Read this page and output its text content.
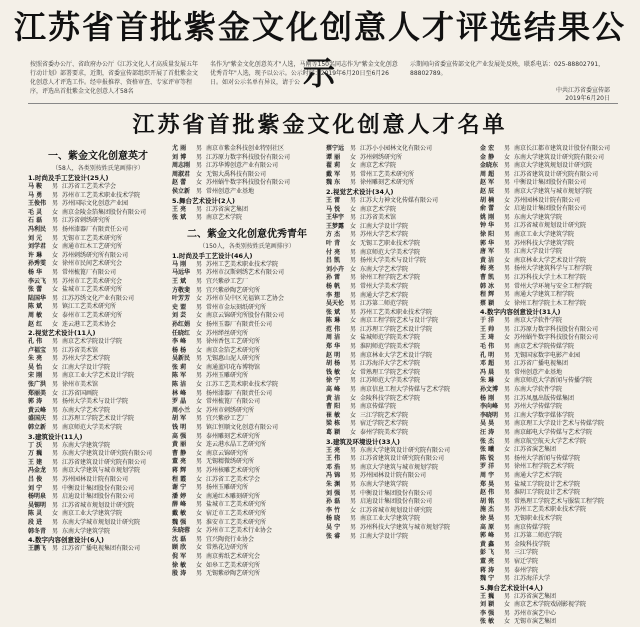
江苏省首批紫金文化创意人才评选结果公示
按照省委办公厅、省政府办公厅《江苏文化人才高质量发展五年行动计划》部署要求，近期，省委宣传部组织开展了首批紫金文化创意人才评选工作。经申报推荐、资格审查、专家评审等程序，评选出首批紫金文化创意人才58名
名作为"紫金文化创意英才"人选，马刚等150名同志作为"紫金文化创意优秀青年"人选，现予以公示。公示时间：2019年6月20日至6月26日。如对公示名单有异议，请于公
示期间向省委宣传部文化产业发展处反映，联系电话：025-88802791，88802789。
中共江苏省委宣传部
2019年6月20日
江苏省首批紫金文化创意人才名单
一、紫金文化创意英才
（58人，各类别按姓氏笔画排序）
1.时尚及手工艺设计(25人)
马 鞍	男 江苏省工艺美术学会
马 勇	男 苏州市工艺美术职业技术学院
王俊伟 男 苏州国际文化创意产业园
毛 灵	女 南京金陵金箔集团股份有限公司
石 磊	男 江苏省刺绣研究所
冯利民 男 扬州漆器厂有限责任公司
刘 元	男 无锡市工艺美术研究所
刘学君 女 南通市红木工艺研究所
许 琳	女 苏州刺绣研究所有限公司
孙秀雯 女 徐州市民间艺术研究会
杨 华	男 常州梳篦厂有限公司
李云飞 男 苏州市工艺美术研究会
张 蕾	女 盐城市工艺美术研究所
陆国华 男 江苏苏绣文化产业有限公司
陈 斌	男 镇江工艺美术研究所
周 敏	女 泰州市工艺美术研究所
赵 红	女 连云港工艺美术协会
2.视觉艺术设计(11人)
孔 伟	男 南京艺术学院设计学院
卢福宝 男 江苏省美术馆
朱 亮	男 苏州大学艺术学院
吴 怡	女 江南大学设计学院
宋 刚	男 南京工业大学艺术设计学院
张广洪 男 徐州市美术馆
郑丽美 女 江苏省国画院
郭 涛	男 扬州大学美术与设计学院
黄云峰 男 东南大学艺术学院
盛国庆 男 江苏理工学院艺术设计学院
韩立新 男 南京师范大学美术学院
3.建筑设计(11人)
丁 沃	男 东南大学建筑学院
万 巍	男 东南大学建筑设计研究院有限公司
王 建	男 江苏省建筑设计研究院有限公司
冯金龙 男 南京大学建筑与城市规划学院
吕 俊	男 苏州园林设计院有限公司
刘 宁	男 中衡设计集团股份有限公司
杨明泉 男 启迪设计集团股份有限公司
吴锡明 男 江苏省城市规划设计研究院
陈 灵	女 南京工业大学建筑学院
段 进	男 东南大学城市规划设计研究院
韩冬青 男 东南大学建筑学院
4.数字内容创意设计(6人)
王鹏飞 男 江苏省广播电视集团有限公司
尤 雨	男 南京市紫金科技创业特别社区
刘 博	男 江苏原力数字科技股份有限公司
周志刚 男 江苏华博创意产业有限公司
周淑君 女 无锡大禹科技有限公司
赵 蕾	女 苏州蜗牛数字科技股份有限公司
侯立新 男 常州创意产业基地
5.舞台艺术设计(2人)
王 亮	男 江苏省演艺集团
张 斌	男 南京艺术学院
二、紫金文化创意优秀青年
（150人，各类别按姓氏笔画排序）
1.时尚及手工艺设计(46人)
马 刚	男 苏州工艺美术职业技术学院
马远华 男 苏州市汉斯刺绣艺术有限公司
王 斌	男 宜兴紫砂工艺厂
方敬斐 男 宜兴紫砂陶艺研究所
叶芳芳 女 苏州市吴中区光福镇工艺协会
史 盟	男 常州市金坛刻纸研究所
刘 芸	女 南京云锦研究所股份有限公司
孙红娟 女 扬州玉器厂有限责任公司
任晓红 女 苏州缂丝研究所
李 峰	男 徐州香包工艺研究所
杨 杨	女 南京金箔艺术研究所
吴新民 男 无锡惠山泥人研究所
张 莉	女 南通蓝印花布博物馆
陈 军	男 苏州玉雕研究所
陈 洁	女 江苏工艺美术职业技术学院
林 峰	男 扬州漆器厂有限责任公司
罗 晶	女 常州梳篦厂有限公司
周小兰 女 苏州市刺绣研究所
胡 军	男 宜兴紫砂工艺厂
钱 明	男 镇江恒顺文化创意有限公司
高 强	男 泰州雕刻艺术研究所
黄 丽	女 连云港水晶工艺研究所
曹 静	女 南京云锦研究所
董 亮	男 无锡精微绣研究所
蒋 辉	男 苏州核雕艺术研究所
程 霞	女 江苏省工艺美术学会
谢 宁	男 扬州玉雕研究所
潘 婷	女 南通红木雕刻研究所
薛 峰	男 盐城市工艺美术研究所
戴 敏	女 宿迁市工艺美术研究所
魏 强	男 淮安市工艺美术研究所
朱晓蓉 女 苏州市工艺美术行业协会
沈 磊	男 宜兴陶瓷行业协会
顾 欣	女 常熟花边研究所
倪 军	男 南京剪纸艺术研究会
徐 敏	女 如皋工艺美术研究所
殷 涛	男 无锡紫砂陶艺研究所
蔡宁远 男 江苏小小园林文化有限公司
谭 丽	女 苏州刺绣研究所
翟 莉	女 南京艺术学院
戴 军	男 常州工艺美术研究所
魏 东	男 徐州雕刻艺术研究所
2.视觉艺术设计(34人)
王 雷	男 江苏大力神文化传媒有限公司
马 悦	女 南京艺术学院
王华宇 男 江苏省美术馆
王梦露 女 江南大学设计学院
方 杰	男 苏州大学艺术学院
叶 青	女 无锡工艺职业技术学院
付 亮	男 南京师范大学美术学院
吕 凯	男 扬州大学美术与设计学院
刘小卉 女 东南大学艺术学院
孙 雷	男 徐州工程学院艺术学院
杨 帆	男 常州大学美术学院
李 想	男 南通大学艺术学院
吴天伦 男 江苏第二师范学院
张 斌	男 苏州工艺美术职业技术学院
陈 琳	女 南京工程学院艺术与设计学院
范 伟	男 江苏理工学院艺术设计学院
周 洁	女 盐城师范学院美术学院
郑 华	男 淮阴师范学院美术学院
赵 明	男 南京林业大学艺术设计学院
胡 杨	男 江苏海洋大学艺术学院
钱 敏	女 常熟理工学院艺术学院
徐 宁	男 江苏师范大学美术学院
高 峰	男 南京信息工程大学传媒与艺术学院
黄 洁	女 金陵科技学院艺术学院
曹 阳	男 南京传媒学院
崔 敏	女 三江学院艺术学院
梁 栋	男 宿迁学院艺术学院
葛 颖	女 泰州学院美术学院
3.建筑及环境设计(33人)
王 亮	男 东南大学建筑设计研究院有限公司
王 伟	男 江苏省建筑设计研究院有限公司
邓 浩	男 南京大学建筑与城市规划学院
冯 锦	男 苏州园林设计院有限公司
朱 渊	男 东南大学建筑学院
刘 强	男 中衡设计集团股份有限公司
孙 磊	男 启迪设计集团股份有限公司
李 竹	女 江苏省城市规划设计研究院
杨 晓	男 南京工业大学建筑学院
吴 宁	男 苏州科技大学建筑与城市规划学院
张 睿	男 江南大学设计学院
金 宏	男 南京长江都市建筑设计股份有限公司
金 静	女 东南大学建筑设计研究院有限公司
金晓东 男 南京大学建筑规划设计研究院
周 超	男 江苏省建筑设计研究院有限公司
赵 军	男 中衡设计集团股份有限公司
赵 辰	男 南京大学建筑与城市规划学院
胡 楠	女 苏州园林设计院有限公司
俞 蕾	女 启迪设计集团股份有限公司
姚 刚	男 东南大学建筑学院
钟 华	男 江苏省城市规划设计研究院
徐 阳	男 南京工业大学建筑学院
郭 华	男 苏州科技大学建筑学院
唐 军	男 江南大学设计学院
黄 洁	女 南京林业大学艺术设计学院
梅 亮	男 扬州大学建筑科学与工程学院
曹 凯	男 江苏科技大学土木工程学院
韩 冰	男 常州大学环境与安全工程学院
程 辉	男 南通大学建筑工程学院
蔡 颖	女 徐州工程学院土木工程学院
4.数字内容创意设计(31人)
于 洋	男 南京大学软件学院
王 帅	男 江苏原力数字科技股份有限公司
王 琦	女 苏州蜗牛数字科技股份有限公司
毛 伟	男 南京艺术学院传媒学院
孔 明	男 无锡国家数字电影产业园
邓 超	男 江苏省广播电视集团
冯 晨	男 常州创意产业基地
朱 琳	女 南京师范大学新闻与传播学院
孙文博 男 东南大学软件学院
杨 刚	男 江苏凤凰出版传媒集团
李向峰 男 苏州大学传媒学院
李晓明 男 江南大学数字媒体学院
吴 昊	男 南京理工大学设计艺术与传媒学院
汪 涛	男 南京邮电大学传媒与艺术学院
张 杰	男 南京航空航天大学艺术学院
张 曦	女 江苏省演艺集团
陈 锐	男 扬州大学新闻与传媒学院
罗 洋	男 徐州工程学院艺术学院
周 宇	男 南通大学艺术学院
郑 昊	男 盐城工学院设计艺术学院
赵 伟	男 淮阴工学院设计艺术学院
胡 铭	男 常熟理工学院艺术与服装工程学院
施 杰	男 苏州工艺美术职业技术学院
徐 昊	男 无锡职业技术学院
高 原	男 南京传媒学院
郭 峰	男 江苏第二师范学院
黄 鑫	男 金陵科技学院
彭 飞	男 三江学院
董 亮	男 宿迁学院
蒋 涛	男 泰州学院
魏 宁	男 江苏海洋大学
5.舞台艺术设计(4人)
王 巍	男 江苏省演艺集团
刘 颖	女 南京艺术学院戏剧影视学院
李 强	男 苏州市演艺中心
张 敏	女 无锡市演艺集团
